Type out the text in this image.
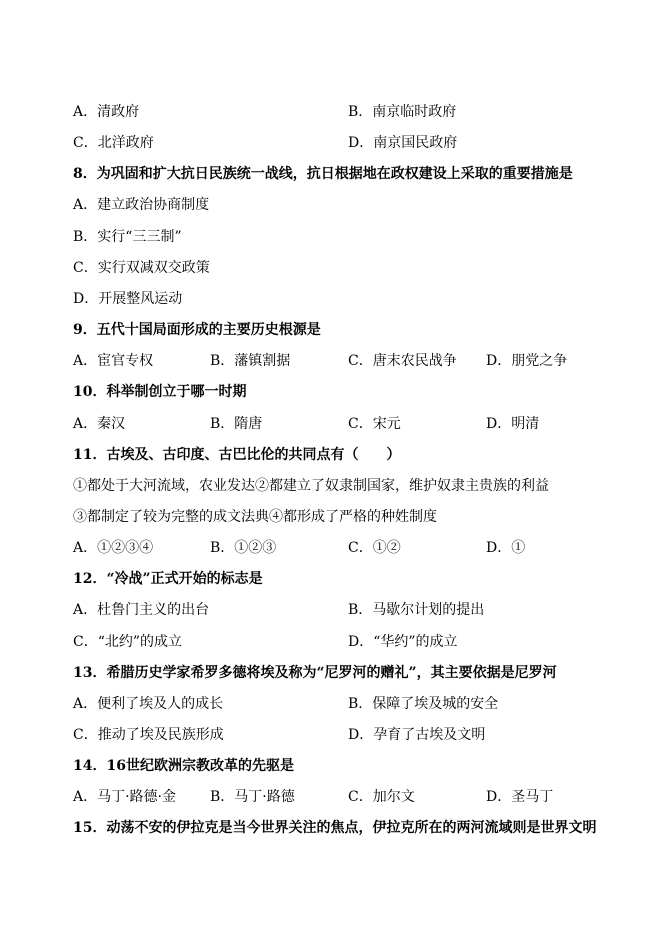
A．清政府	B．南京临时政府
C．北洋政府	D．南京国民政府
8．为巩固和扩大抗日民族统一战线，抗日根据地在政权建设上采取的重要措施是
A．建立政治协商制度
B．实行“三三制”
C．实行双减双交政策
D．开展整风运动
9．五代十国局面形成的主要历史根源是
A．宦官专权	B．藩镇割据	C．唐末农民战争 D．朋党之争
10．科举制创立于哪一时期
A．秦汉	B．隋唐	C．宋元	D．明清
11．古埃及、古印度、古巴比伦的共同点有（　　）
①都处于大河流域，农业发达②都建立了奴隶制国家，维护奴隶主贵族的利益
③都制定了较为完整的成文法典④都形成了严格的种姓制度
A．①②③④	B．①②③	C．①②	D．①
12．“冷战”正式开始的标志是
A．杜鲁门主义的出台	B．马歇尔计划的提出
C．“北约”的成立	D．“华约”的成立
13．希腊历史学家希罗多德将埃及称为“尼罗河的赠礼”，其主要依据是尼罗河
A．便利了埃及人的成长	B．保障了埃及城的安全
C．推动了埃及民族形成	D．孕育了古埃及文明
14．16世纪欧洲宗教改革的先驱是
A．马丁·路德·金 B．马丁·路德	C．加尔文	D．圣马丁
15．动荡不安的伊拉克是当今世界关注的焦点，伊拉克所在的两河流域则是世界文明
